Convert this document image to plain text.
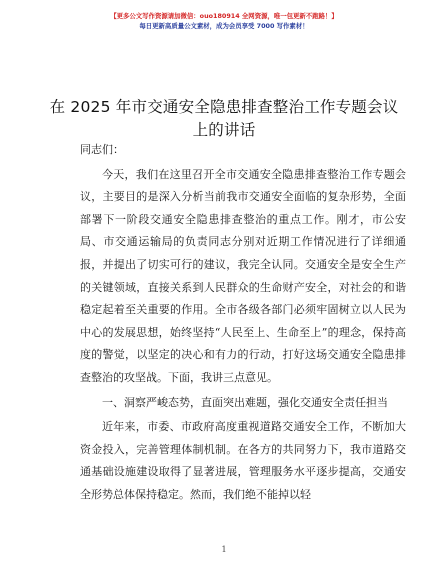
【更多公文写作资源请加微信：ouo180914 全网资源，唯一包更新不跑路！】
每日更新高质量公文素材，成为会员享受 7000 写作素材！
在 2025 年市交通安全隐患排查整治工作专题会议上的讲话

同志们：

今天，我们在这里召开全市交通安全隐患排查整治工作专题会议，主要目的是深入分析当前我市交通安全面临的复杂形势，全面部署下一阶段交通安全隐患排查整治的重点工作。刚才，市公安局、市交通运输局的负责同志分别对近期工作情况进行了详细通报，并提出了切实可行的建议，我完全认同。交通安全是安全生产的关键领域，直接关系到人民群众的生命财产安全，对社会的和谐稳定起着至关重要的作用。全市各级各部门必须牢固树立以人民为中心的发展思想，始终坚持“人民至上、生命至上”的理念，保持高度的警觉，以坚定的决心和有力的行动，打好这场交通安全隐患排查整治的攻坚战。下面，我讲三点意见。

一、洞察严峻态势，直面突出难题，强化交通安全责任担当

近年来，市委、市政府高度重视道路交通安全工作，不断加大资金投入，完善管理体制机制。在各方的共同努力下，我市道路交通基础设施建设取得了显著进展，管理服务水平逐步提高，交通安全形势总体保持稳定。然而，我们绝不能掉以轻

1
